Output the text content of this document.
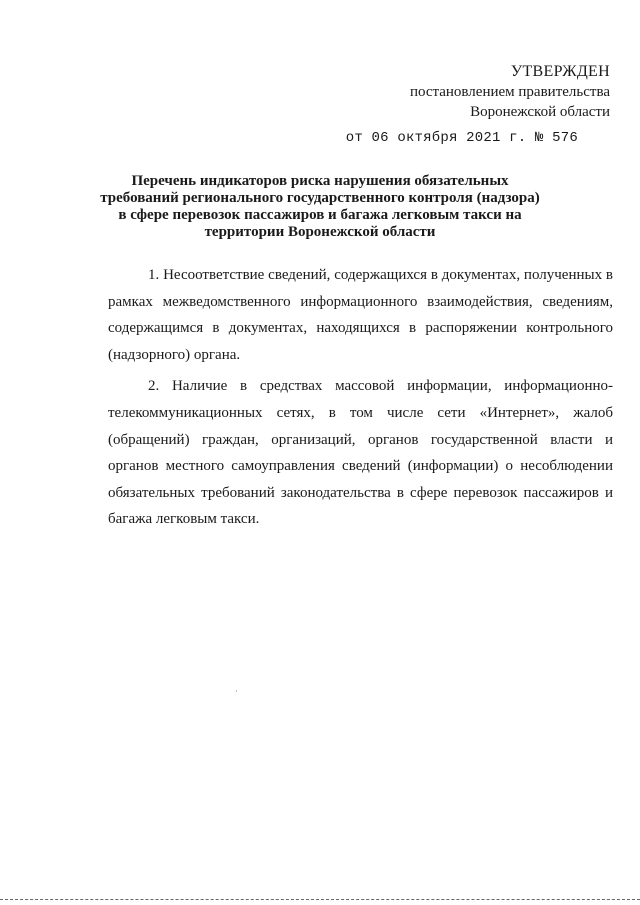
УТВЕРЖДЕН
постановлением правительства
Воронежской области
от 06 октября 2021 г. № 576
Перечень индикаторов риска нарушения обязательных требований регионального государственного контроля (надзора) в сфере перевозок пассажиров и багажа легковым такси на территории Воронежской области

1. Несоответствие сведений, содержащихся в документах, полученных в рамках межведомственного информационного взаимодействия, сведениям, содержащимся в документах, находящихся в распоряжении контрольного (надзорного) органа.

2. Наличие в средствах массовой информации, информационно-телекоммуникационных сетях, в том числе сети «Интернет», жалоб (обращений) граждан, организаций, органов государственной власти и органов местного самоуправления сведений (информации) о несоблюдении обязательных требований законодательства в сфере перевозок пассажиров и багажа легковым такси.
